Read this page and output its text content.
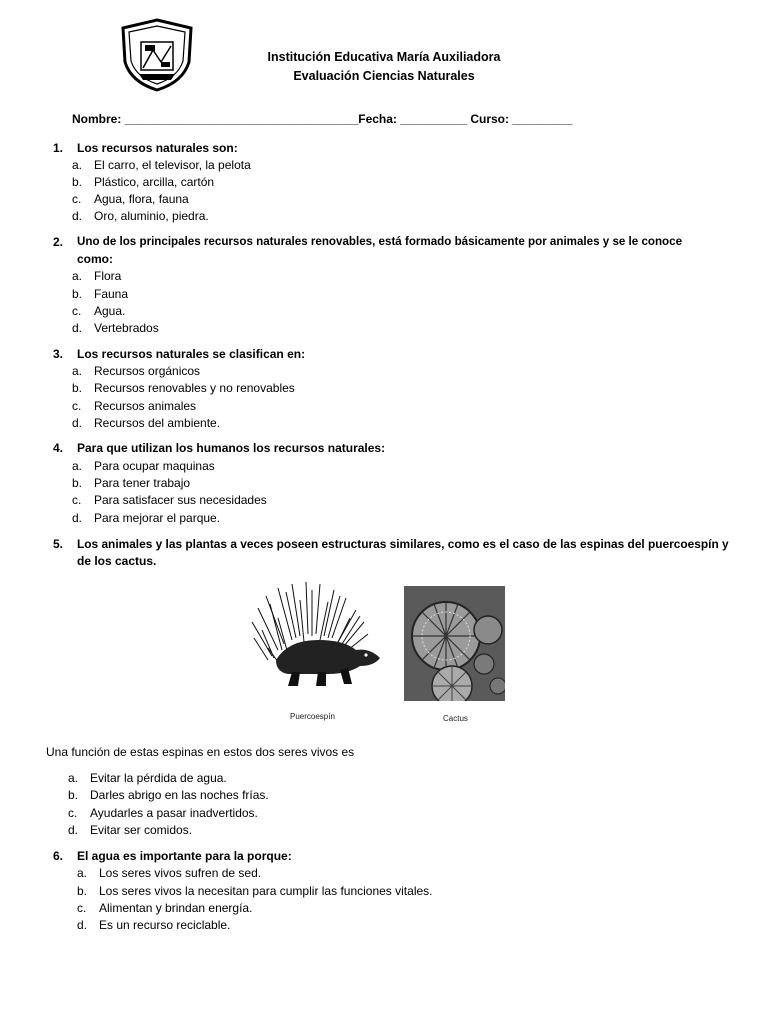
Institución Educativa María Auxiliadora
Evaluación Ciencias Naturales
Nombre: ___________________________________Fecha: __________ Curso: _________
1. Los recursos naturales son:
a. El carro, el televisor, la pelota
b. Plástico, arcilla, cartón
c. Agua, flora, fauna
d. Oro, aluminio, piedra.
2. Uno de los principales recursos naturales renovables, está formado básicamente por animales y se le conoce
como:
a. Flora
b. Fauna
c. Agua.
d. Vertebrados
3. Los recursos naturales se clasifican en:
a. Recursos orgánicos
b. Recursos renovables y no renovables
c. Recursos animales
d. Recursos del ambiente.
4. Para que utilizan los humanos los recursos naturales:
a. Para ocupar maquinas
b. Para tener trabajo
c. Para satisfacer sus necesidades
d. Para mejorar el parque.
5. Los animales y las plantas a veces poseen estructuras similares, como es el caso de las espinas del puercoespín y
de los cactus.
Puercoespín	Cactus
Una función de estas espinas en estos dos seres vivos es
a. Evitar la pérdida de agua.
b. Darles abrigo en las noches frías.
c. Ayudarles a pasar inadvertidos.
d. Evitar ser comidos.
6. El agua es importante para la porque:
a. Los seres vivos sufren de sed.
b. Los seres vivos la necesitan para cumplir las funciones vitales.
c. Alimentan y brindan energía.
d. Es un recurso reciclable.
